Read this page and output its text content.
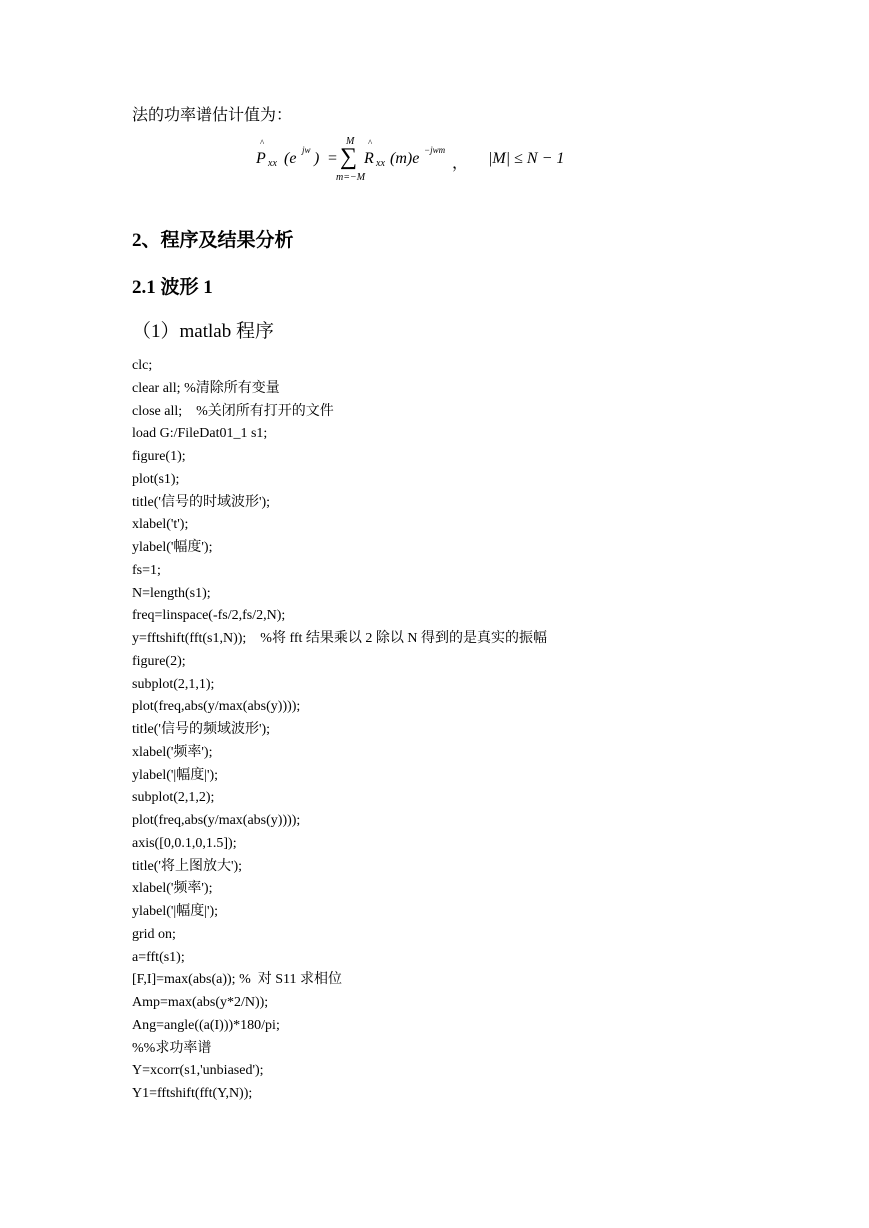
法的功率谱估计值为：
^
P xx (e jw ) =
M
∑
m=−M
^
R xx (m)e −jwm
， |M| ≤ N − 1
2、程序及结果分析
2.1 波形 1
（1）matlab 程序
clc;
clear all; %清除所有变量
close all;    %关闭所有打开的文件
load G:/FileDat01_1 s1;
figure(1);
plot(s1);
title('信号的时域波形');
xlabel('t');
ylabel('幅度');
fs=1;
N=length(s1);
freq=linspace(-fs/2,fs/2,N);
y=fftshift(fft(s1,N));    %将 fft 结果乘以 2 除以 N 得到的是真实的振幅
figure(2);
subplot(2,1,1);
plot(freq,abs(y/max(abs(y))));
title('信号的频域波形');
xlabel('频率');
ylabel('|幅度|');
subplot(2,1,2);
plot(freq,abs(y/max(abs(y))));
axis([0,0.1,0,1.5]);
title('将上图放大');
xlabel('频率');
ylabel('|幅度|');
grid on;
a=fft(s1);
[F,I]=max(abs(a)); %  对 S11 求相位
Amp=max(abs(y*2/N));
Ang=angle((a(I)))*180/pi;
%%求功率谱
Y=xcorr(s1,'unbiased');
Y1=fftshift(fft(Y,N));
